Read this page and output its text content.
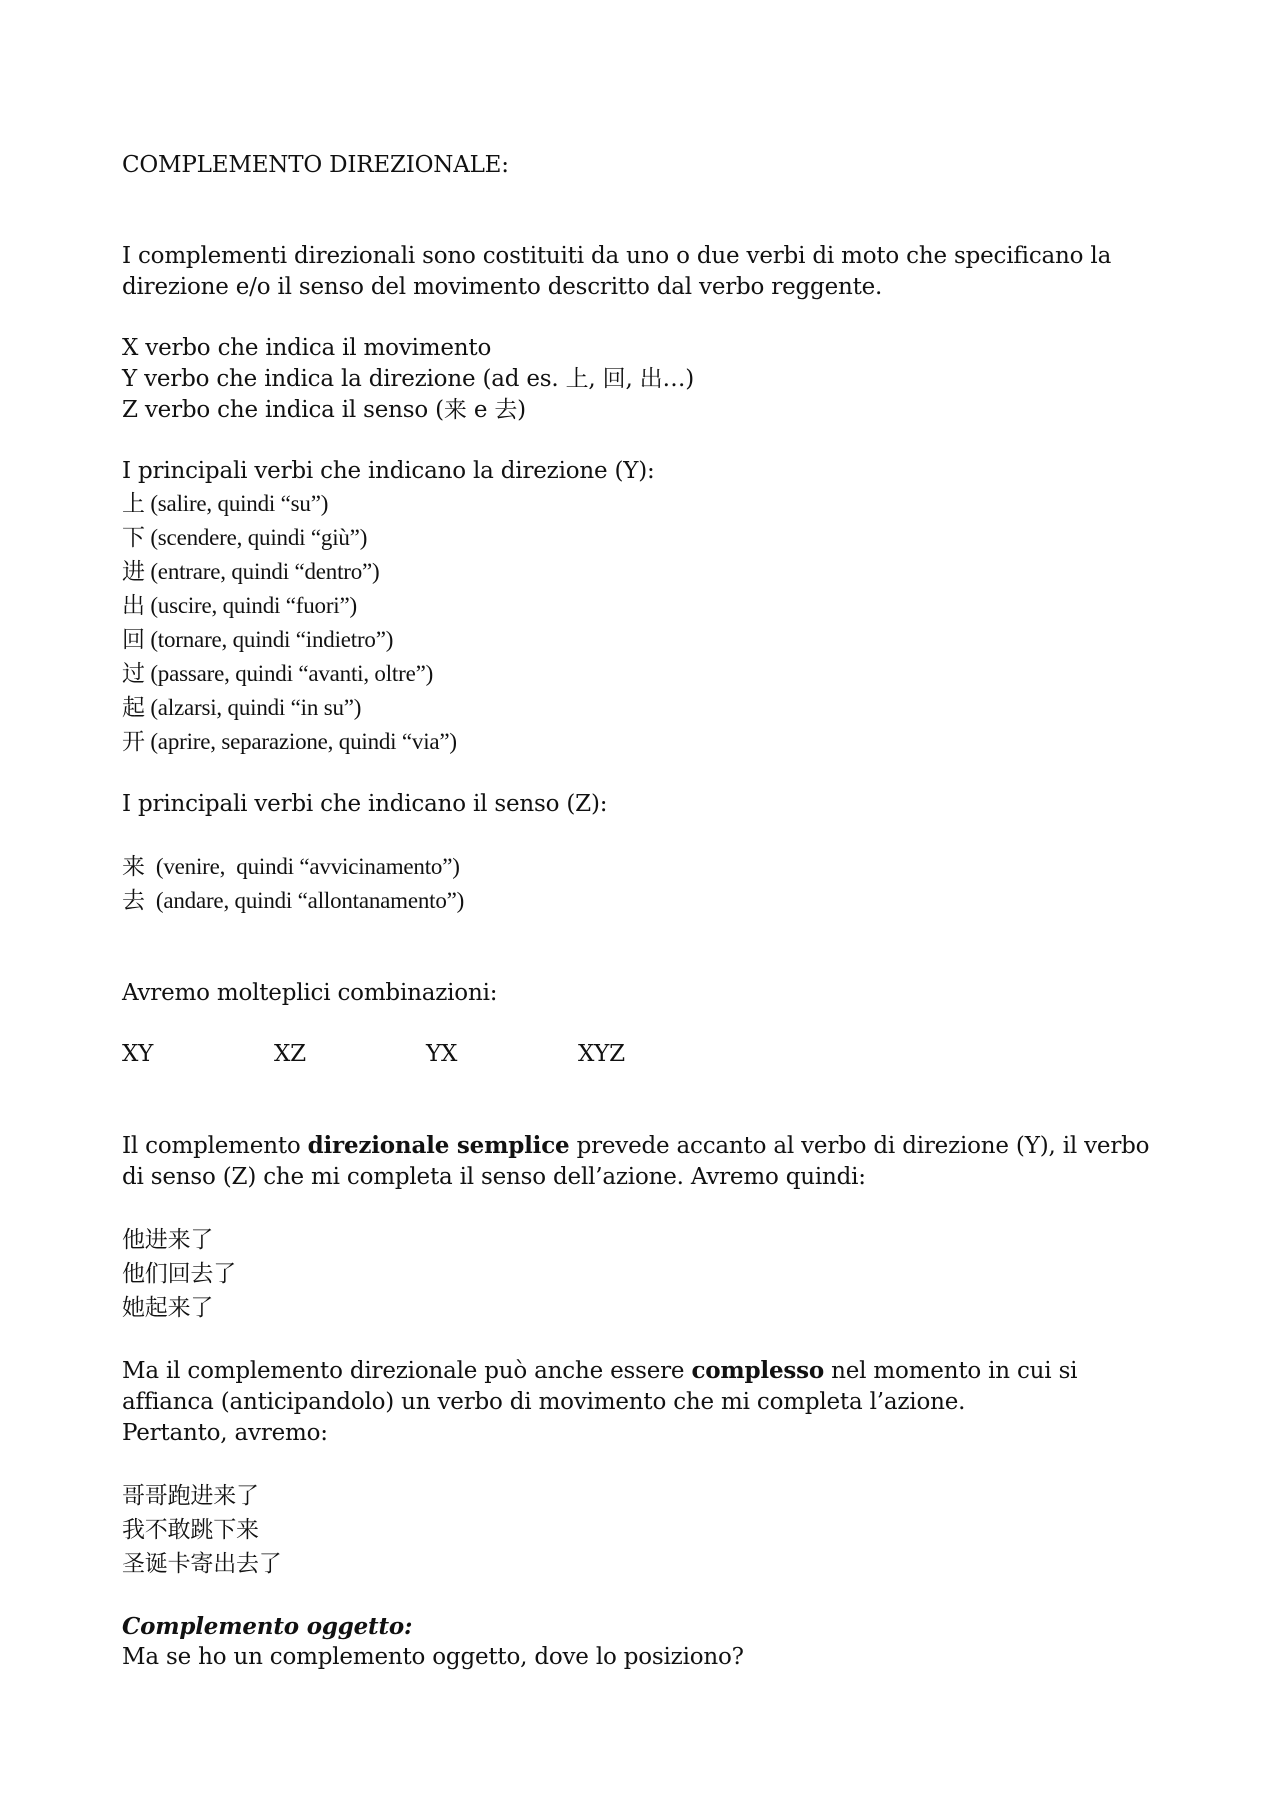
COMPLEMENTO DIREZIONALE:

I complementi direzionali sono costituiti da uno o due verbi di moto che specificano la direzione e/o il senso del movimento descritto dal verbo reggente.

X verbo che indica il movimento
Y verbo che indica la direzione (ad es. 上, 回, 出…)
Z verbo che indica il senso (来 e 去)
I principali verbi che indicano la direzione (Y):
上 (salire, quindi “su”)
下 (scendere, quindi “giù”)
进 (entrare, quindi “dentro”)
出 (uscire, quindi “fuori”)
回 (tornare, quindi “indietro”)
过 (passare, quindi “avanti, oltre”)
起 (alzarsi, quindi “in su”)
开 (aprire, separazione, quindi “via”)
I principali verbi che indicano il senso (Z):
来  (venire,  quindi “avvicinamento”)
去  (andare, quindi “allontanamento”)
Avremo molteplici combinazioni:
XY	XZ	YX	XYZ

Il complemento direzionale semplice prevede accanto al verbo di direzione (Y), il verbo di senso (Z) che mi completa il senso dell’azione. Avremo quindi:

他进来了
他们回去了
她起来了

Ma il complemento direzionale può anche essere complesso nel momento in cui si affianca (anticipandolo) un verbo di movimento che mi completa l’azione.

Pertanto, avremo:
哥哥跑进来了
我不敢跳下来
圣诞卡寄出去了
Complemento oggetto:
Ma se ho un complemento oggetto, dove lo posiziono?
